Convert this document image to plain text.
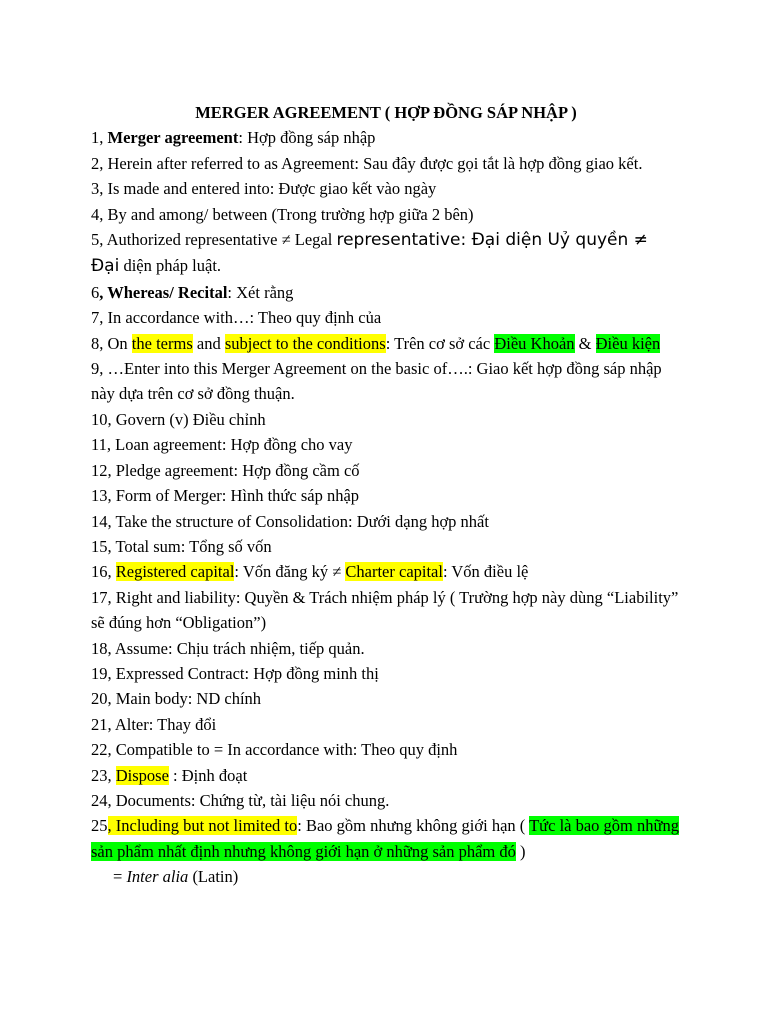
MERGER AGREEMENT ( HỢP ĐỒNG SÁP NHẬP )

1, Merger agreement: Hợp đồng sáp nhập

2, Herein after referred to as Agreement: Sau đây được gọi tắt là hợp đồng giao kết.

3, Is made and entered into: Được giao kết vào ngày

4, By and among/ between (Trong trường hợp giữa 2 bên)

5, Authorized representative ≠ Legal representative: Đại diện Uỷ quyền ≠ Đại diện pháp luật.

6, Whereas/ Recital: Xét rằng

7, In accordance with…: Theo quy định của

8, On the terms and subject to the conditions: Trên cơ sở các Điều Khoản & Điều kiện

9, …Enter into this Merger Agreement on the basic of….: Giao kết hợp đồng sáp nhập này dựa trên cơ sở đồng thuận.

10, Govern (v) Điều chỉnh

11, Loan agreement: Hợp đồng cho vay

12, Pledge agreement: Hợp đồng cầm cố

13, Form of Merger: Hình thức sáp nhập

14, Take the structure of Consolidation: Dưới dạng hợp nhất

15, Total sum: Tổng số vốn

16, Registered capital: Vốn đăng ký ≠ Charter capital: Vốn điều lệ

17, Right and liability: Quyền & Trách nhiệm pháp lý ( Trường hợp này dùng “Liability” sẽ đúng hơn “Obligation”)

18, Assume: Chịu trách nhiệm, tiếp quản.

19, Expressed Contract: Hợp đồng minh thị

20, Main body: ND chính

21, Alter: Thay đổi

22, Compatible to = In accordance with: Theo quy định

23, Dispose : Định đoạt

24, Documents: Chứng từ, tài liệu nói chung.

25, Including but not limited to: Bao gồm nhưng không giới hạn ( Tức là bao gồm những sản phẩm nhất định nhưng không giới hạn ở những sản phẩm đó )

= Inter alia (Latin)
